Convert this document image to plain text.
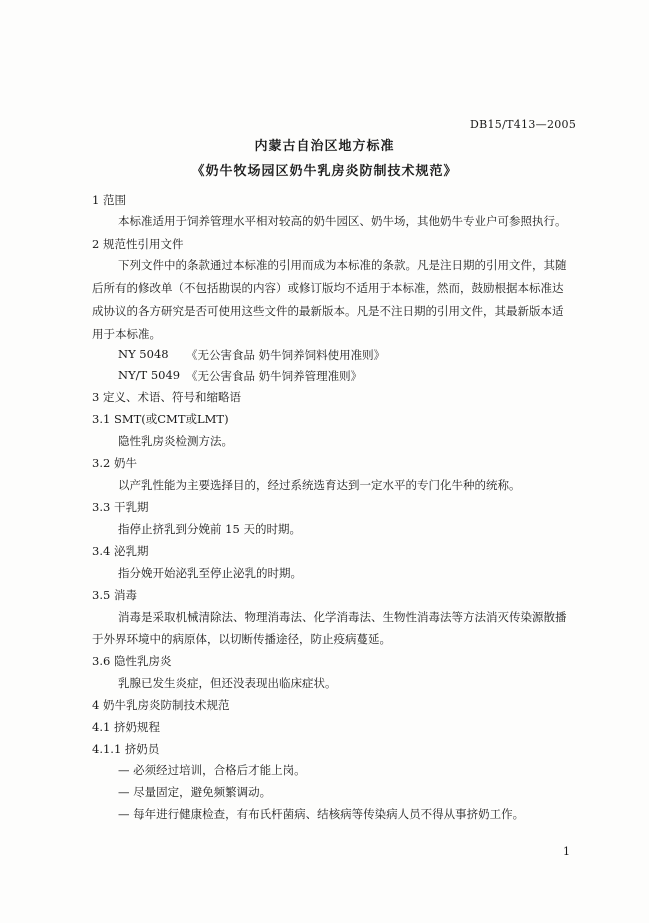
DB15/T413—2005
内蒙古自治区地方标准
《奶牛牧场园区奶牛乳房炎防制技术规范》
1 范围
本标准适用于饲养管理水平相对较高的奶牛园区、奶牛场，其他奶牛专业户可参照执行。
2 规范性引用文件
下列文件中的条款通过本标准的引用而成为本标准的条款。凡是注日期的引用文件，其随
后所有的修改单（不包括勘误的内容）或修订版均不适用于本标准，然而，鼓励根据本标准达
成协议的各方研究是否可使用这些文件的最新版本。凡是不注日期的引用文件，其最新版本适
用于本标准。
NY 5048 《无公害食品 奶牛饲养饲料使用准则》
NY/T 5049 《无公害食品 奶牛饲养管理准则》
3 定义、术语、符号和缩略语
3.1 SMT(或CMT或LMT)
隐性乳房炎检测方法。
3.2 奶牛
以产乳性能为主要选择目的，经过系统选育达到一定水平的专门化牛种的统称。
3.3 干乳期
指停止挤乳到分娩前 15 天的时期。
3.4 泌乳期
指分娩开始泌乳至停止泌乳的时期。
3.5 消毒
消毒是采取机械清除法、物理消毒法、化学消毒法、生物性消毒法等方法消灭传染源散播
于外界环境中的病原体，以切断传播途径，防止疫病蔓延。
3.6 隐性乳房炎
乳腺已发生炎症，但还没表现出临床症状。
4 奶牛乳房炎防制技术规范
4.1 挤奶规程
4.1.1 挤奶员
— 必须经过培训，合格后才能上岗。
— 尽量固定，避免频繁调动。
— 每年进行健康检查，有布氏杆菌病、结核病等传染病人员不得从事挤奶工作。
1
